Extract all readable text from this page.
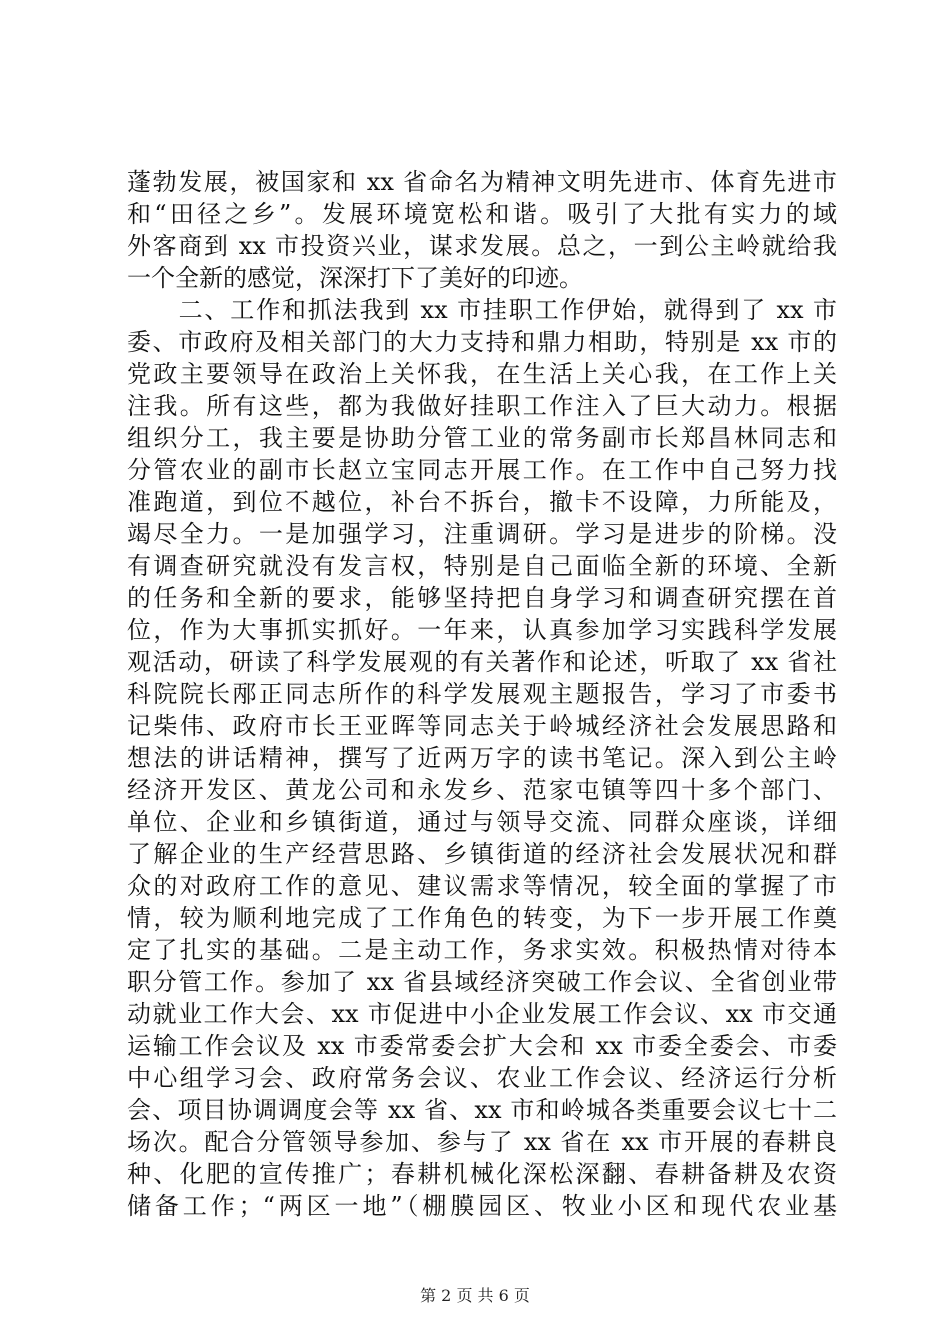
蓬勃发展，被国家和 xx 省命名为精神文明先进市、体育先进市
和“田径之乡”。发展环境宽松和谐。吸引了大批有实力的域
外客商到 xx 市投资兴业，谋求发展。总之，一到公主岭就给我
一个全新的感觉，深深打下了美好的印迹。
　　二、工作和抓法我到 xx 市挂职工作伊始，就得到了 xx 市
委、市政府及相关部门的大力支持和鼎力相助，特别是 xx 市的
党政主要领导在政治上关怀我，在生活上关心我，在工作上关
注我。所有这些，都为我做好挂职工作注入了巨大动力。根据
组织分工，我主要是协助分管工业的常务副市长郑昌林同志和
分管农业的副市长赵立宝同志开展工作。在工作中自己努力找
准跑道，到位不越位，补台不拆台，撤卡不设障，力所能及，
竭尽全力。一是加强学习，注重调研。学习是进步的阶梯。没
有调查研究就没有发言权，特别是自己面临全新的环境、全新
的任务和全新的要求，能够坚持把自身学习和调查研究摆在首
位，作为大事抓实抓好。一年来，认真参加学习实践科学发展
观活动，研读了科学发展观的有关著作和论述，听取了 xx 省社
科院院长邴正同志所作的科学发展观主题报告，学习了市委书
记柴伟、政府市长王亚晖等同志关于岭城经济社会发展思路和
想法的讲话精神，撰写了近两万字的读书笔记。深入到公主岭
经济开发区、黄龙公司和永发乡、范家屯镇等四十多个部门、
单位、企业和乡镇街道，通过与领导交流、同群众座谈，详细
了解企业的生产经营思路、乡镇街道的经济社会发展状况和群
众的对政府工作的意见、建议需求等情况，较全面的掌握了市
情，较为顺利地完成了工作角色的转变，为下一步开展工作奠
定了扎实的基础。二是主动工作，务求实效。积极热情对待本
职分管工作。参加了 xx 省县域经济突破工作会议、全省创业带
动就业工作大会、xx 市促进中小企业发展工作会议、xx 市交通
运输工作会议及 xx 市委常委会扩大会和 xx 市委全委会、市委
中心组学习会、政府常务会议、农业工作会议、经济运行分析
会、项目协调调度会等 xx 省、xx 市和岭城各类重要会议七十二
场次。配合分管领导参加、参与了 xx 省在 xx 市开展的春耕良
种、化肥的宣传推广；春耕机械化深松深翻、春耕备耕及农资
储备工作；“两区一地”（棚膜园区、牧业小区和现代农业基
第 2 页 共 6 页
